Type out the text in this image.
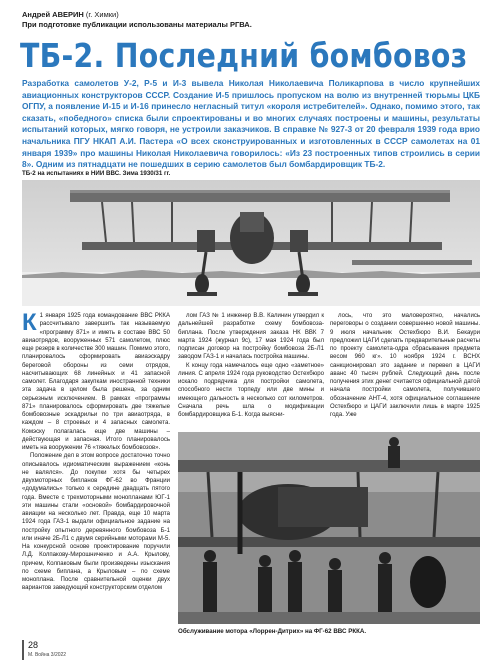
Андрей АВЕРИН (г. Химки)
При подготовке публикации использованы материалы РГВА.
ТБ-2. Последний бомбовоз
Разработка самолетов У-2, Р-5 и И-3 вывела Николая Николаевича Поликарпова в число крупнейших авиационных конструкторов СССР. Создание И-5 пришлось пропуском на волю из внутренней тюрьмы ЦКБ ОГПУ, а появление И-15 и И-16 принесло негласный титул «короля истребителей». Однако, помимо этого, так сказать, «победного» списка были спроектированы и во многих случаях построены и машины, результаты испытаний которых, мягко говоря, не устроили заказчиков. В справке № 927-3 от 20 февраля 1939 года врио начальника ПГУ НКАП А.И. Пастера «О всех сконструированных и изготовленных в СССР самолетах на 01 января 1939» про машины Николая Николаевича говорилось: «Из 23 построенных типов строились в серии 8». Одним из пятнадцати не пошедших в серию самолетов был бомбардировщик ТБ-2.
ТБ-2 на испытаниях в НИИ ВВС. Зима 1930/31 гг.

К 1 января 1925 года командование ВВС РККА рассчитывало завершить так называемую «программу 871» и иметь в составе ВВС 50 авиаотрядов, вооруженных 571 самолетом, плюс еще резерв в количестве 300 машин. Помимо этого, планировалось сформировать авиаэскадру береговой обороны из семи отрядов, насчитывающих 68 линейных и 41 запасной самолет. Благодаря закупкам иностранной техники эта задача в целом была решена, за одним серьезным исключением. В рамках «программы 871» планировалось сформировать две тяжелые бомбовозные эскадрильи по три авиаотряда, в каждом – 8 строевых и 4 запасных самолета. Комэску полагалась еще две машины – действующая и запасная. Итого планировалось иметь на вооружении 76 «тяжелых бомбовозов».

Положение дел в этом вопросе достаточно точно описывалось идиоматическим выражением «конь не валялся». До покупки хотя бы четырех двухмоторных бипланов ФГ-62 во Франции «додумались» только к середине двадцать пятого года. Вместе с трехмоторными монопланами ЮГ-1 эти машины стали «основой» бомбардировочной авиации на несколько лет. Правда, еще 10 марта 1924 года ГАЗ-1 выдали официальное задание на постройку опытного деревянного бомбовоза Б-1 или иначе 2Б-Л1 с двумя серийными моторами М-5. На конкурсной основе проектирование поручили Л.Д. Колпакову-Мирошниченко и А.А. Крылову, причем, Колпаковым были произведены изыскания по схеме биплана, а Крыловым – по схеме моноплана. После сравнительной оценки двух вариантов заведующий конструкторским отделом

лом ГАЗ № 1 инженер В.В. Калинин утвердил к дальнейшей разработке схему бомбовоза-биплана. После утверждения заказа НК ВВК 7 марта 1924 (журнал 9с), 17 мая 1924 года был подписан договор на постройку бомбовоза 2Б-Л1 заводом ГАЗ-1 и началась постройка машины.

К концу года намечалось еще одно «заметное» линия. С апреля 1924 года руководство Остехбюро искало подрядчика для постройки самолета, способного нести торпеду или две мины и имеющего дальность в несколько сот километров. Сначала речь шла о модификации бомбардировщика Б-1. Когда выясни-

лось, что это маловероятно, начались переговоры о создании совершенно новой машины. 9 июля начальник Остехбюро В.И. Бекаури предложил ЦАГИ сделать предварительные расчеты по проекту самолета-одра сбрасывания предмета весом 960 кг». 10 ноября 1924 г. ВСНХ санкционировал это задание и перевел в ЦАГИ аванс 40 тысяч рублей. Следующий день после получения этих денег считается официальной датой начала постройки самолета, получившего обозначение АНТ-4, хотя официальное соглашение Остехбюро и ЦАГИ заключили лишь в марте 1925 года. Уже

Обслуживание мотора «Лоррен-Дитрих» на ФГ-62 ВВС РККА.
28
М. Война 3/2022
